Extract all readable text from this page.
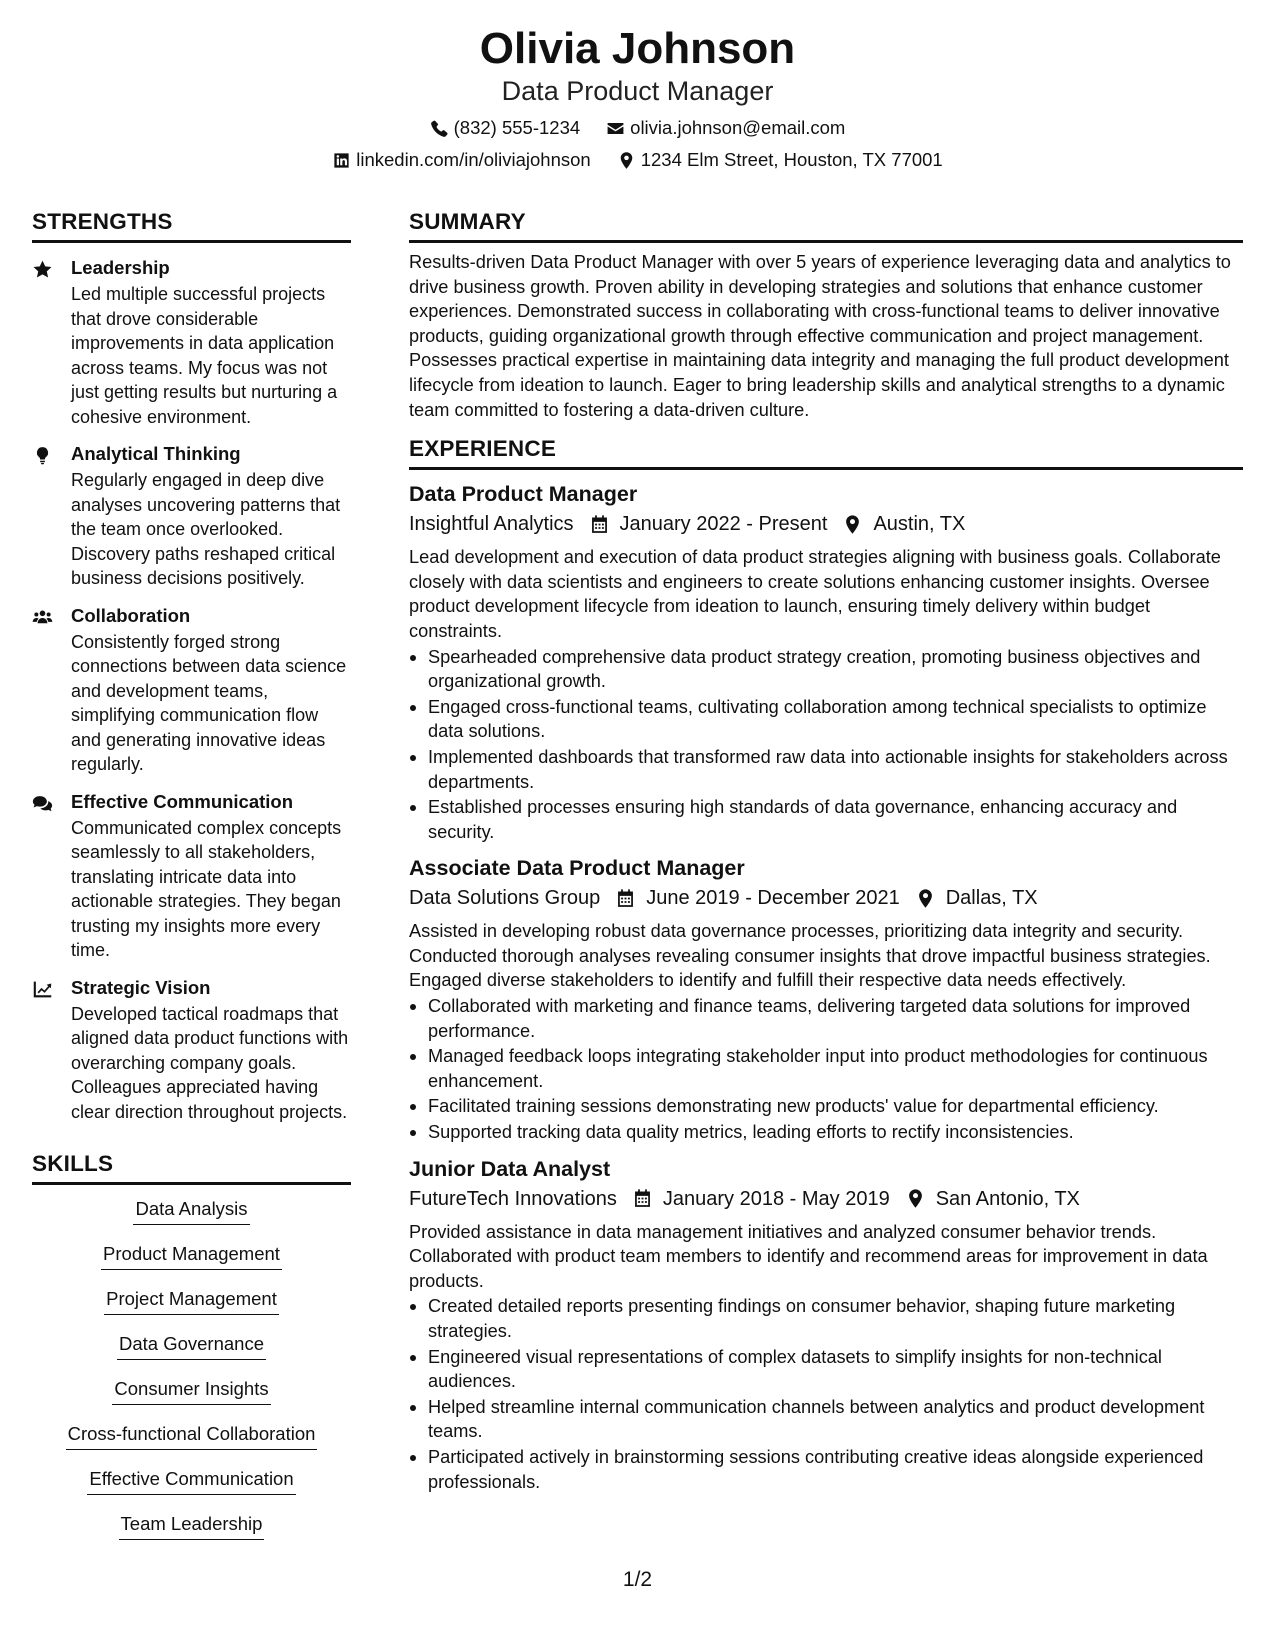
Olivia Johnson
Data Product Manager
(832) 555-1234	olivia.johnson@email.com
linkedin.com/in/oliviajohnson	1234 Elm Street, Houston, TX 77001
STRENGTHS
Leadership
Led multiple successful projects that drove considerable improvements in data application across teams. My focus was not just getting results but nurturing a cohesive environment.
Analytical Thinking
Regularly engaged in deep dive analyses uncovering patterns that the team once overlooked. Discovery paths reshaped critical business decisions positively.
Collaboration
Consistently forged strong connections between data science and development teams, simplifying communication flow and generating innovative ideas regularly.
Effective Communication
Communicated complex concepts seamlessly to all stakeholders, translating intricate data into actionable strategies. They began trusting my insights more every time.
Strategic Vision
Developed tactical roadmaps that aligned data product functions with overarching company goals. Colleagues appreciated having clear direction throughout projects.
SKILLS
Data Analysis
Product Management
Project Management
Data Governance
Consumer Insights
Cross-functional Collaboration
Effective Communication
Team Leadership
SUMMARY
Results-driven Data Product Manager with over 5 years of experience leveraging data and analytics to drive business growth. Proven ability in developing strategies and solutions that enhance customer experiences. Demonstrated success in collaborating with cross-functional teams to deliver innovative products, guiding organizational growth through effective communication and project management. Possesses practical expertise in maintaining data integrity and managing the full product development lifecycle from ideation to launch. Eager to bring leadership skills and analytical strengths to a dynamic team committed to fostering a data-driven culture.
EXPERIENCE
Data Product Manager
Insightful Analytics January 2022 - Present Austin, TX
Lead development and execution of data product strategies aligning with business goals. Collaborate closely with data scientists and engineers to create solutions enhancing customer insights. Oversee product development lifecycle from ideation to launch, ensuring timely delivery within budget constraints.
Spearheaded comprehensive data product strategy creation, promoting business objectives and organizational growth.
Engaged cross-functional teams, cultivating collaboration among technical specialists to optimize data solutions.
Implemented dashboards that transformed raw data into actionable insights for stakeholders across departments.
Established processes ensuring high standards of data governance, enhancing accuracy and security.
Associate Data Product Manager
Data Solutions Group June 2019 - December 2021 Dallas, TX
Assisted in developing robust data governance processes, prioritizing data integrity and security. Conducted thorough analyses revealing consumer insights that drove impactful business strategies. Engaged diverse stakeholders to identify and fulfill their respective data needs effectively.
Collaborated with marketing and finance teams, delivering targeted data solutions for improved performance.
Managed feedback loops integrating stakeholder input into product methodologies for continuous enhancement.
Facilitated training sessions demonstrating new products' value for departmental efficiency.
Supported tracking data quality metrics, leading efforts to rectify inconsistencies.
Junior Data Analyst
FutureTech Innovations January 2018 - May 2019 San Antonio, TX
Provided assistance in data management initiatives and analyzed consumer behavior trends. Collaborated with product team members to identify and recommend areas for improvement in data products.
Created detailed reports presenting findings on consumer behavior, shaping future marketing strategies.
Engineered visual representations of complex datasets to simplify insights for non-technical audiences.
Helped streamline internal communication channels between analytics and product development teams.
Participated actively in brainstorming sessions contributing creative ideas alongside experienced professionals.
1/2
